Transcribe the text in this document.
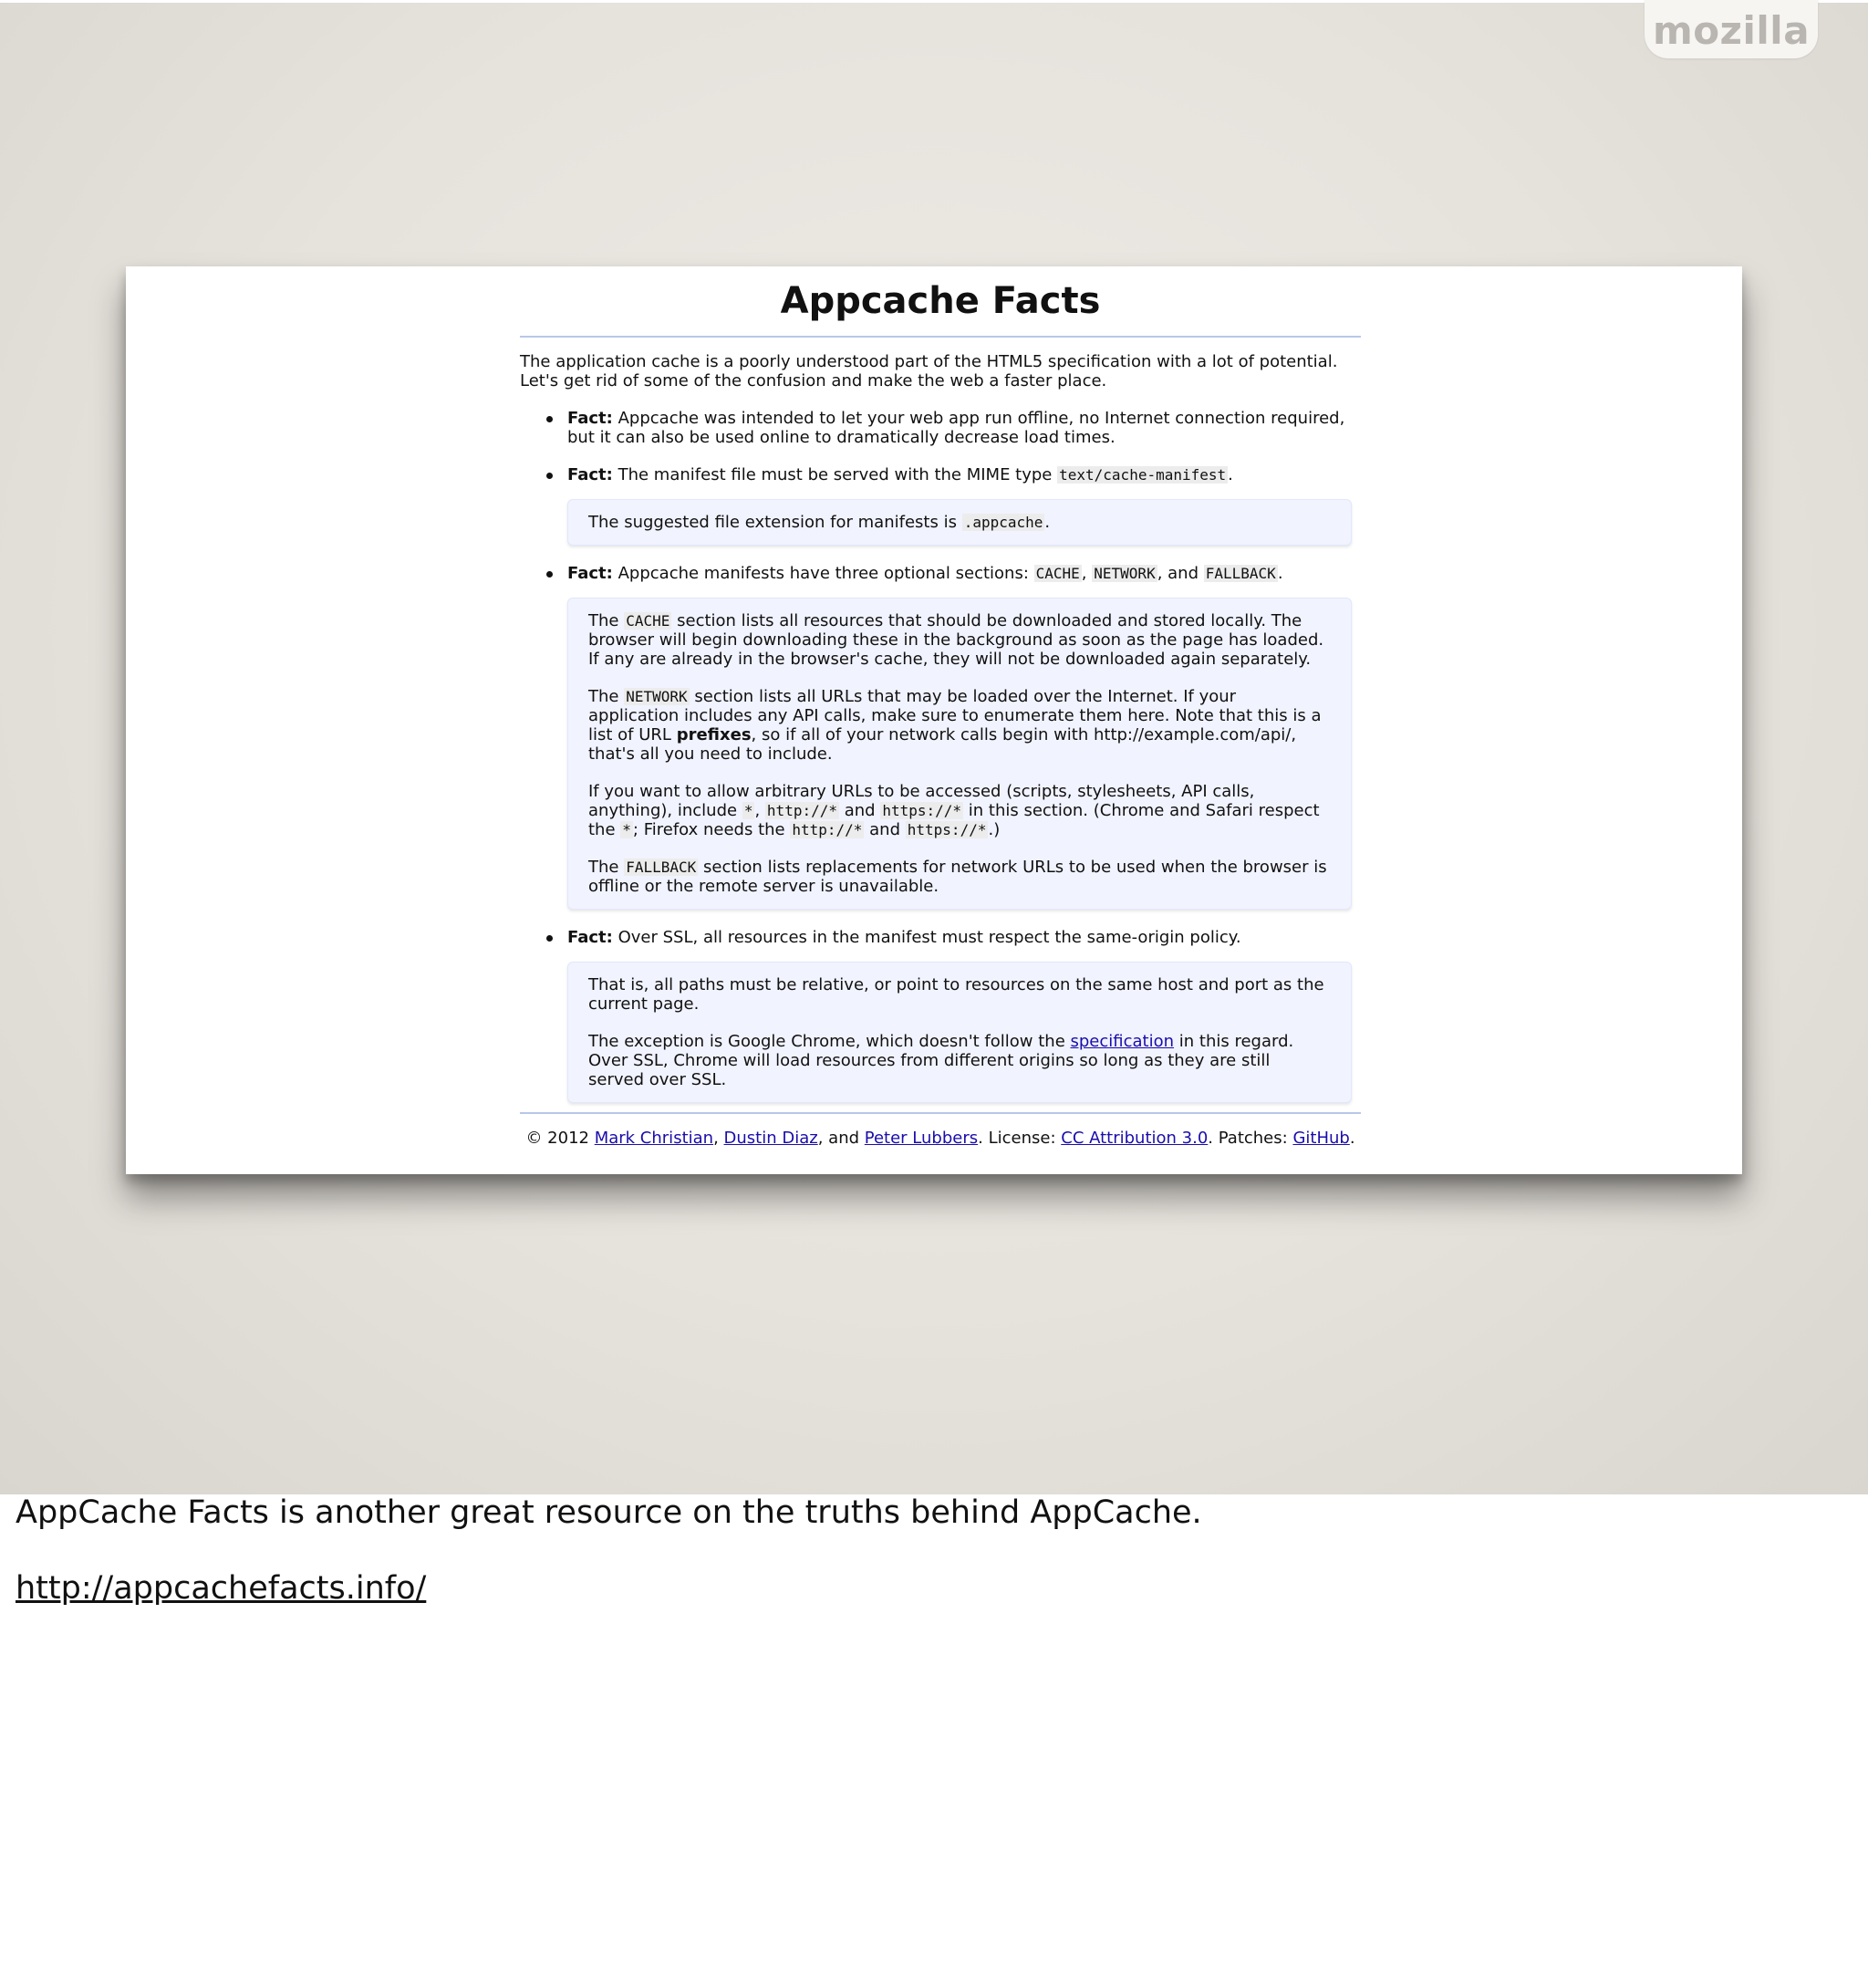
mozilla
Appcache Facts

The application cache is a poorly understood part of the HTML5 specification with a lot of potential. Let's get rid of some of the confusion and make the web a faster place.

Fact: Appcache was intended to let your web app run offline, no Internet connection required, but it can also be used online to dramatically decrease load times.
Fact: The manifest file must be served with the MIME type text/cache-manifest .

The suggested file extension for manifests is .appcache .

Fact: Appcache manifests have three optional sections: CACHE , NETWORK , and FALLBACK .

The CACHE section lists all resources that should be downloaded and stored locally. The browser will begin downloading these in the background as soon as the page has loaded. If any are already in the browser's cache, they will not be downloaded again separately.

The NETWORK section lists all URLs that may be loaded over the Internet. If your application includes any API calls, make sure to enumerate them here. Note that this is a list of URL prefixes, so if all of your network calls begin with http://example.com/api/, that's all you need to include.

If you want to allow arbitrary URLs to be accessed (scripts, stylesheets, API calls, anything), include * , http://* and https://* in this section. (Chrome and Safari respect the * ; Firefox needs the http://* and https://* .)

The FALLBACK section lists replacements for network URLs to be used when the browser is offline or the remote server is unavailable.

Fact: Over SSL, all resources in the manifest must respect the same-origin policy.

That is, all paths must be relative, or point to resources on the same host and port as the current page.

The exception is Google Chrome, which doesn't follow the specification in this regard. Over SSL, Chrome will load resources from different origins so long as they are still served over SSL.

© 2012 Mark Christian, Dustin Diaz, and Peter Lubbers. License: CC Attribution 3.0. Patches: GitHub.

AppCache Facts is another great resource on the truths behind AppCache.

http://appcachefacts.info/
